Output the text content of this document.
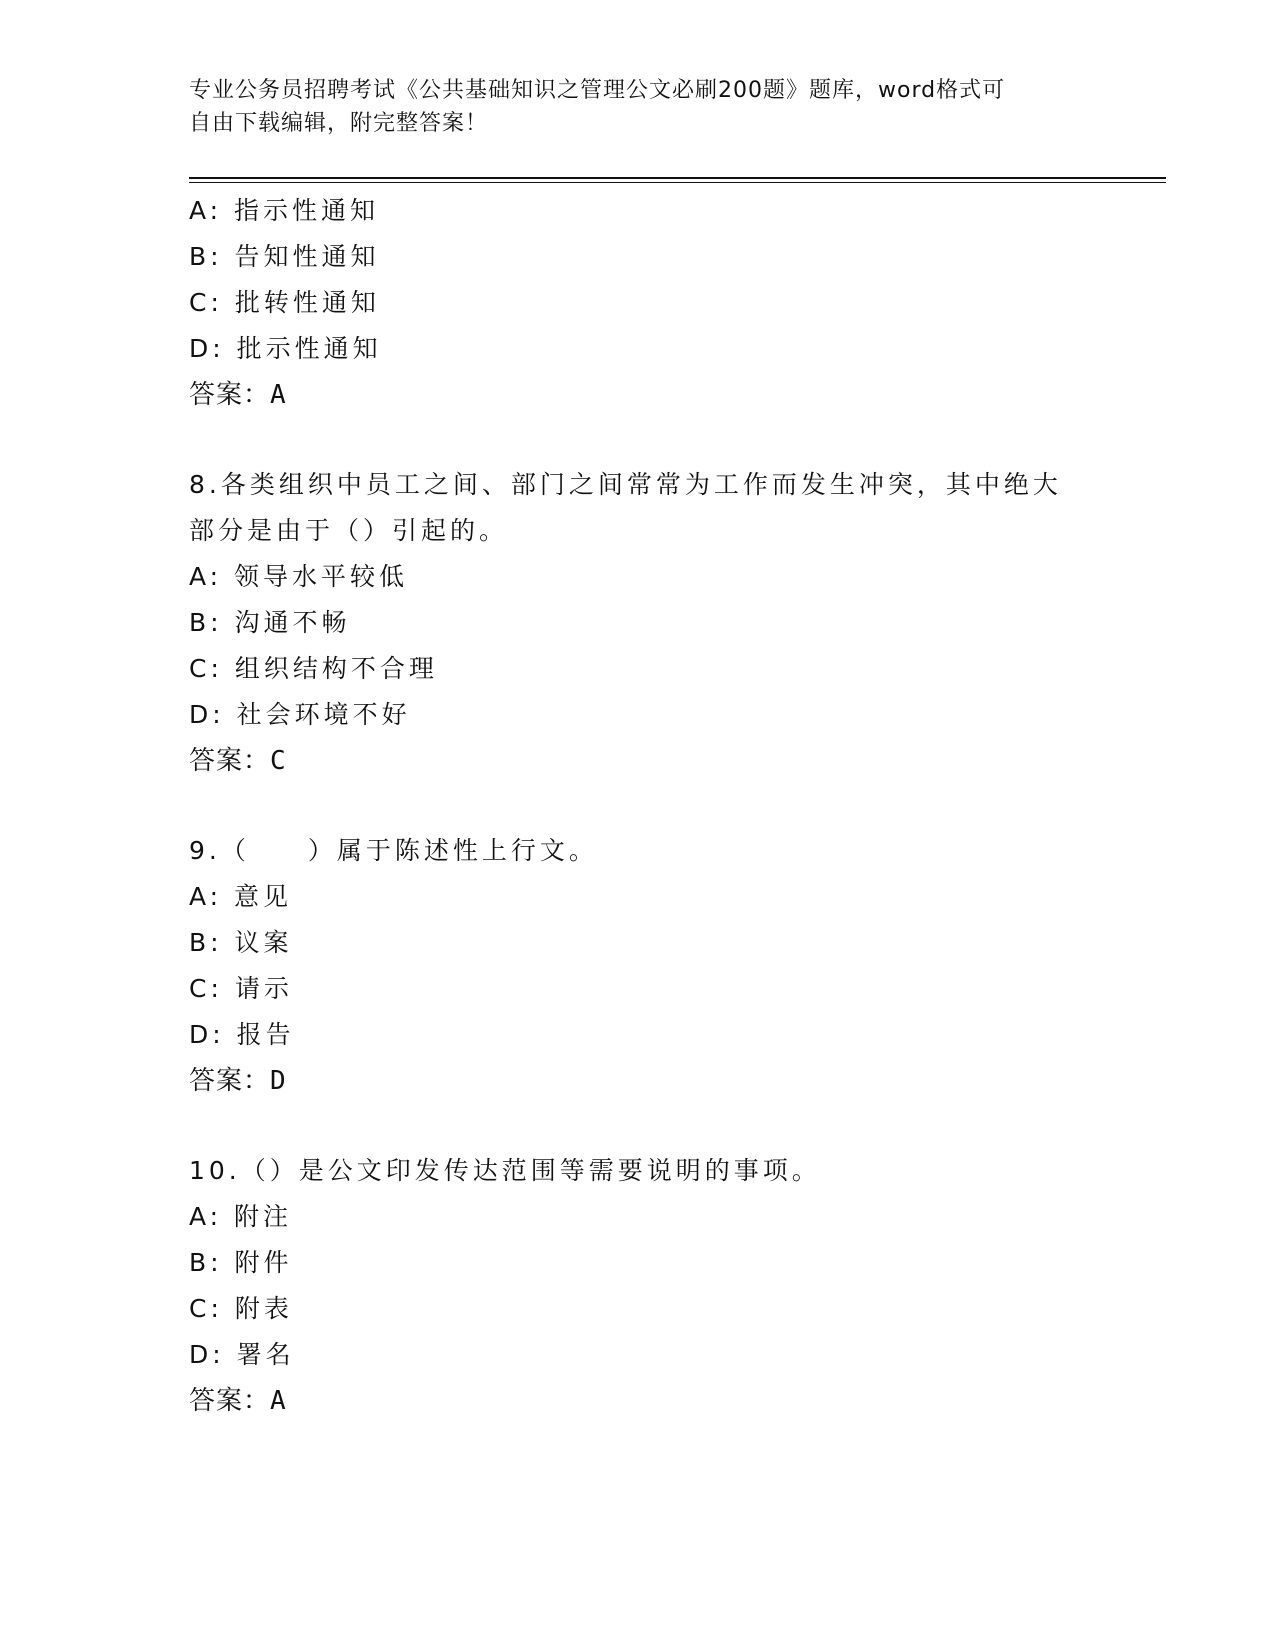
专业公务员招聘考试《公共基础知识之管理公文必刷200题》题库，word格式可
自由下载编辑，附完整答案！
A: 指示性通知
B: 告知性通知
C: 批转性通知
D: 批示性通知
答案：A
8.各类组织中员工之间、部门之间常常为工作而发生冲突，其中绝大
部分是由于（）引起的。
A: 领导水平较低
B: 沟通不畅
C: 组织结构不合理
D: 社会环境不好
答案：C
9.（　　）属于陈述性上行文。
A: 意见
B: 议案
C: 请示
D: 报告
答案：D
10.（）是公文印发传达范围等需要说明的事项。
A: 附注
B: 附件
C: 附表
D: 署名
答案：A
